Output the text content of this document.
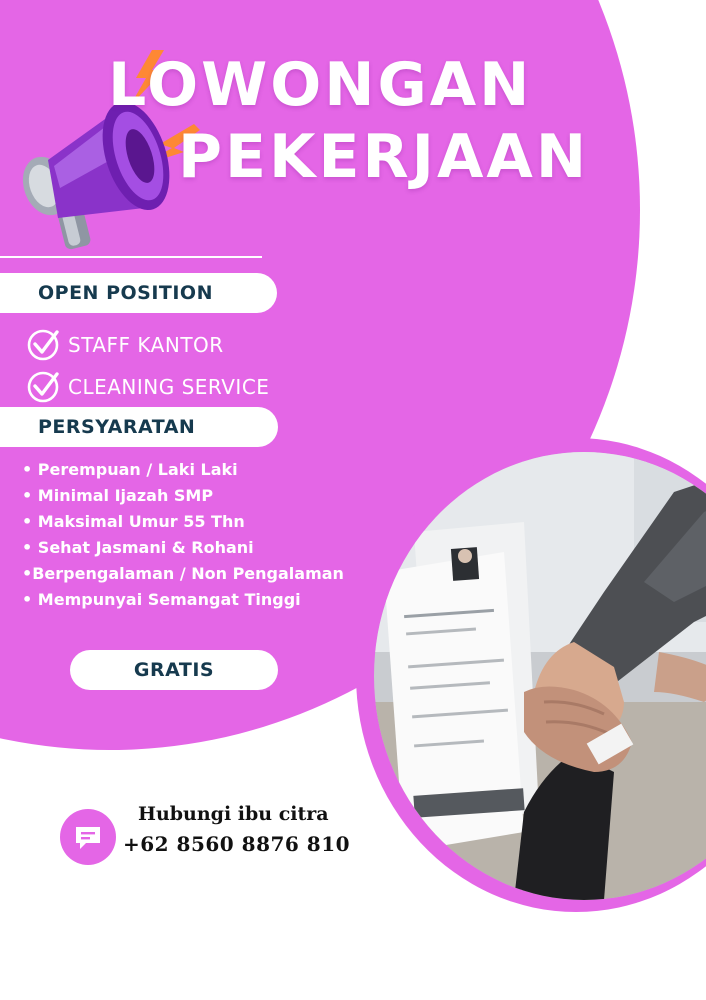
LOWONGAN
PEKERJAAN
OPEN POSITION
STAFF KANTOR
CLEANING SERVICE
PERSYARATAN
• Perempuan / Laki Laki
• Minimal Ijazah SMP
• Maksimal Umur 55 Thn
• Sehat Jasmani & Rohani
•Berpengalaman / Non Pengalaman
• Mempunyai Semangat Tinggi
GRATIS
Hubungi ibu citra
+62 8560 8876 810
